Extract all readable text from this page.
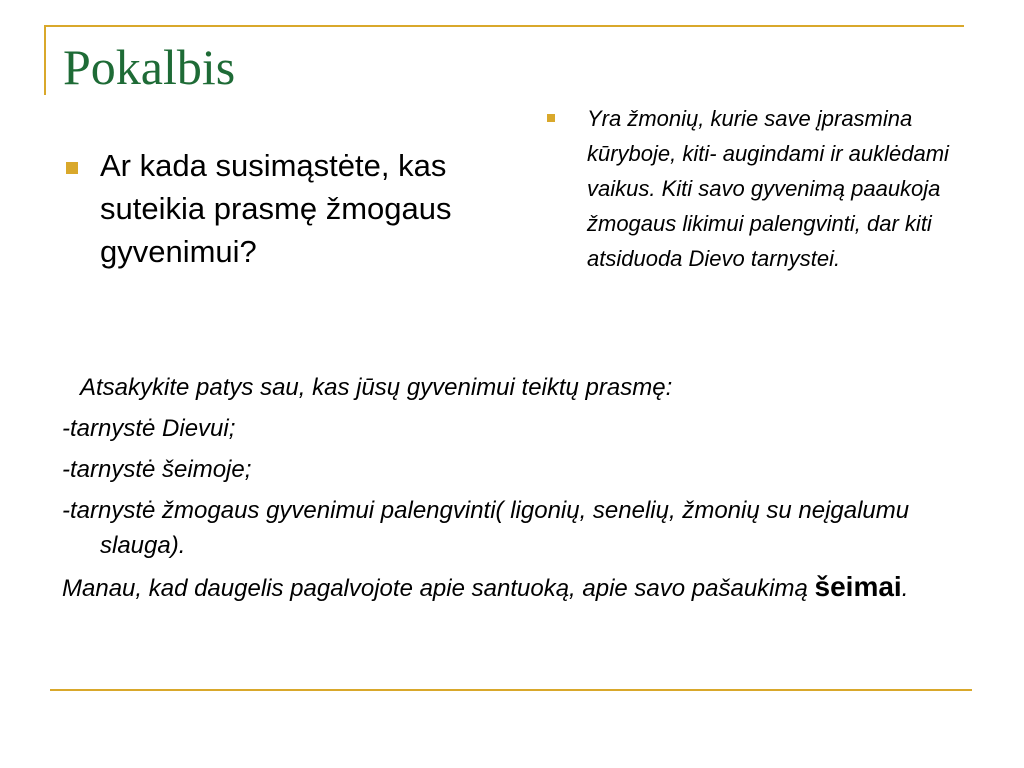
Pokalbis
Ar kada susimąstėte, kas suteikia prasmę žmogaus gyvenimui?
Yra žmonių, kurie save įprasmina kūryboje, kiti- augindami ir auklėdami vaikus. Kiti savo gyvenimą paaukoja žmogaus likimui palengvinti, dar kiti atsiduoda Dievo tarnystei.

Atsakykite patys sau, kas jūsų gyvenimui teiktų prasmę:

-tarnystė Dievui;

-tarnystė šeimoje;

-tarnystė žmogaus gyvenimui palengvinti( ligonių, senelių, žmonių su neįgalumu slauga).

Manau, kad daugelis pagalvojote apie santuoką, apie savo pašaukimą šeimai.
